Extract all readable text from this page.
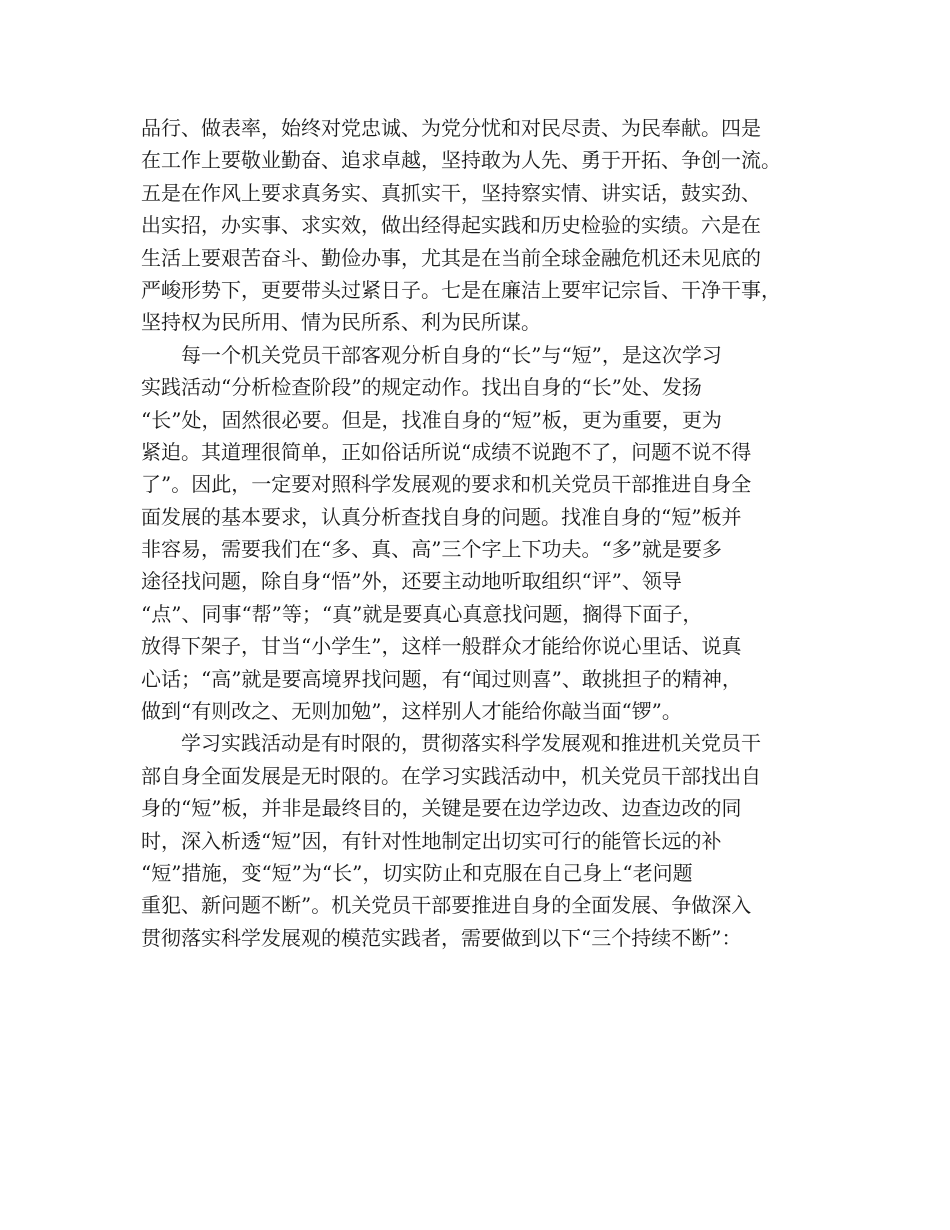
品行、做表率，始终对党忠诚、为党分忧和对民尽责、为民奉献。四是
在工作上要敬业勤奋、追求卓越，坚持敢为人先、勇于开拓、争创一流。
五是在作风上要求真务实、真抓实干，坚持察实情、讲实话，鼓实劲、
出实招，办实事、求实效，做出经得起实践和历史检验的实绩。六是在
生活上要艰苦奋斗、勤俭办事，尤其是在当前全球金融危机还未见底的
严峻形势下，更要带头过紧日子。七是在廉洁上要牢记宗旨、干净干事，
坚持权为民所用、情为民所系、利为民所谋。
每一个机关党员干部客观分析自身的“长”与“短”，是这次学习
实践活动“分析检查阶段”的规定动作。找出自身的“长”处、发扬
“长”处，固然很必要。但是，找准自身的“短”板，更为重要，更为
紧迫。其道理很简单，正如俗话所说“成绩不说跑不了，问题不说不得
了”。因此，一定要对照科学发展观的要求和机关党员干部推进自身全
面发展的基本要求，认真分析查找自身的问题。找准自身的“短”板并
非容易，需要我们在“多、真、高”三个字上下功夫。“多”就是要多
途径找问题，除自身“悟”外，还要主动地听取组织“评”、领导
“点”、同事“帮”等；“真”就是要真心真意找问题，搁得下面子，
放得下架子，甘当“小学生”，这样一般群众才能给你说心里话、说真
心话；“高”就是要高境界找问题，有“闻过则喜”、敢挑担子的精神，
做到“有则改之、无则加勉”，这样别人才能给你敲当面“锣”。
学习实践活动是有时限的，贯彻落实科学发展观和推进机关党员干
部自身全面发展是无时限的。在学习实践活动中，机关党员干部找出自
身的“短”板，并非是最终目的，关键是要在边学边改、边查边改的同
时，深入析透“短”因，有针对性地制定出切实可行的能管长远的补
“短”措施，变“短”为“长”，切实防止和克服在自己身上“老问题
重犯、新问题不断”。机关党员干部要推进自身的全面发展、争做深入
贯彻落实科学发展观的模范实践者，需要做到以下“三个持续不断”：
